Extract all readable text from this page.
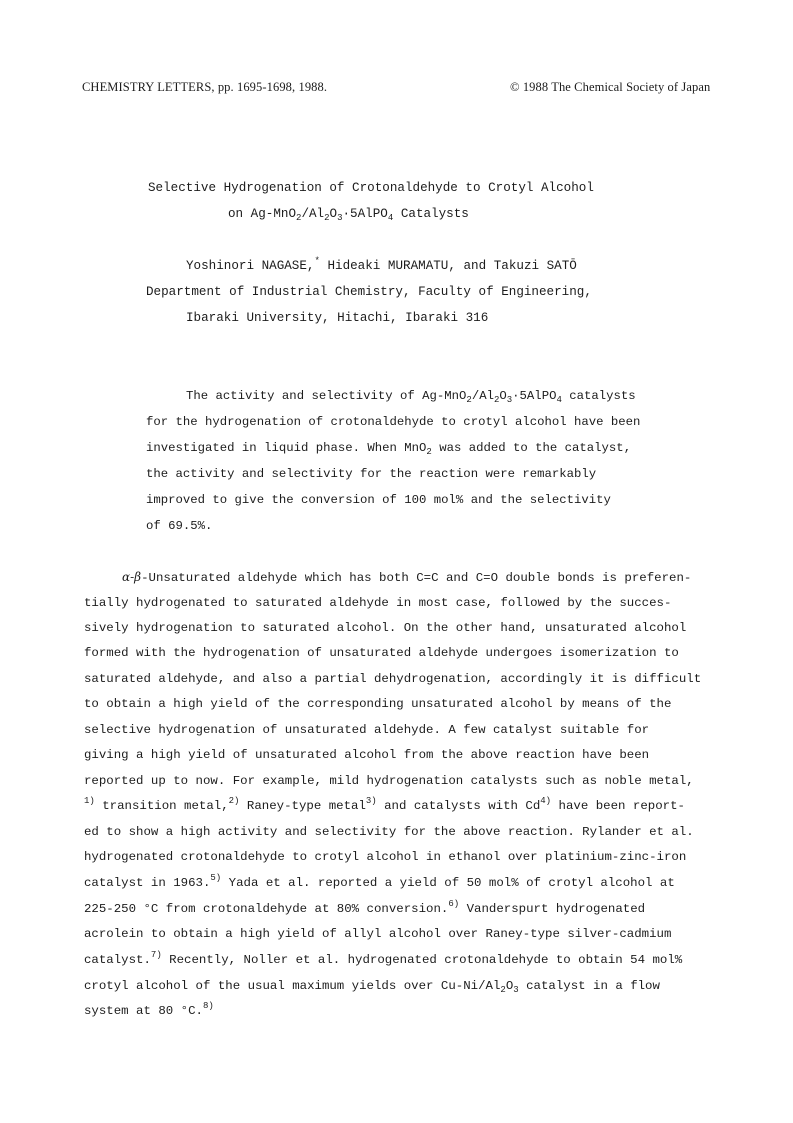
CHEMISTRY LETTERS, pp. 1695-1698, 1988.	© 1988 The Chemical Society of Japan
Selective Hydrogenation of Crotonaldehyde to Crotyl Alcohol
on $Ag-MnO_2/Al_2O_3\cdot 5AlPO_4$ Catalysts
Yoshinori NAGASE,* Hideaki MURAMATU, and Takuzi SATŌ
Department of Industrial Chemistry, Faculty of Engineering,
Ibaraki University, Hitachi, Ibaraki 316
The activity and selectivity of $Ag-MnO_2/Al_2O_3\cdot 5AlPO_4$ catalysts
for the hydrogenation of crotonaldehyde to crotyl alcohol have been
investigated in liquid phase. When MnO$_2$ was added to the catalyst,
the activity and selectivity for the reaction were remarkably
improved to give the conversion of 100 mol% and the selectivity
of 69.5%.
α-β-Unsaturated aldehyde which has both C=C and C=O double bonds is preferen-
tially hydrogenated to saturated aldehyde in most case, followed by the succes-
sively hydrogenation to saturated alcohol. On the other hand, unsaturated alcohol
formed with the hydrogenation of unsaturated aldehyde undergoes isomerization to
saturated aldehyde, and also a partial dehydrogenation, accordingly it is difficult
to obtain a high yield of the corresponding unsaturated alcohol by means of the
selective hydrogenation of unsaturated aldehyde. A few catalyst suitable for
giving a high yield of unsaturated alcohol from the above reaction have been
reported up to now. For example, mild hydrogenation catalysts such as noble metal,
$^{1)}$ transition metal,$^{2)}$ Raney-type metal$^{3)}$ and catalysts with Cd$^{4)}$ have been report-
ed to show a high activity and selectivity for the above reaction. Rylander et al.
hydrogenated crotonaldehyde to crotyl alcohol in ethanol over platinium-zinc-iron
catalyst in 1963.$^{5)}$ Yada et al. reported a yield of 50 mol% of crotyl alcohol at
225-250 °C from crotonaldehyde at 80% conversion.$^{6)}$ Vanderspurt hydrogenated
acrolein to obtain a high yield of allyl alcohol over Raney-type silver-cadmium
catalyst.$^{7)}$ Recently, Noller et al. hydrogenated crotonaldehyde to obtain 54 mol%
crotyl alcohol of the usual maximum yields over $Cu-Ni/Al_2O_3$ catalyst in a flow
system at 80 °C.$^{8)}$
